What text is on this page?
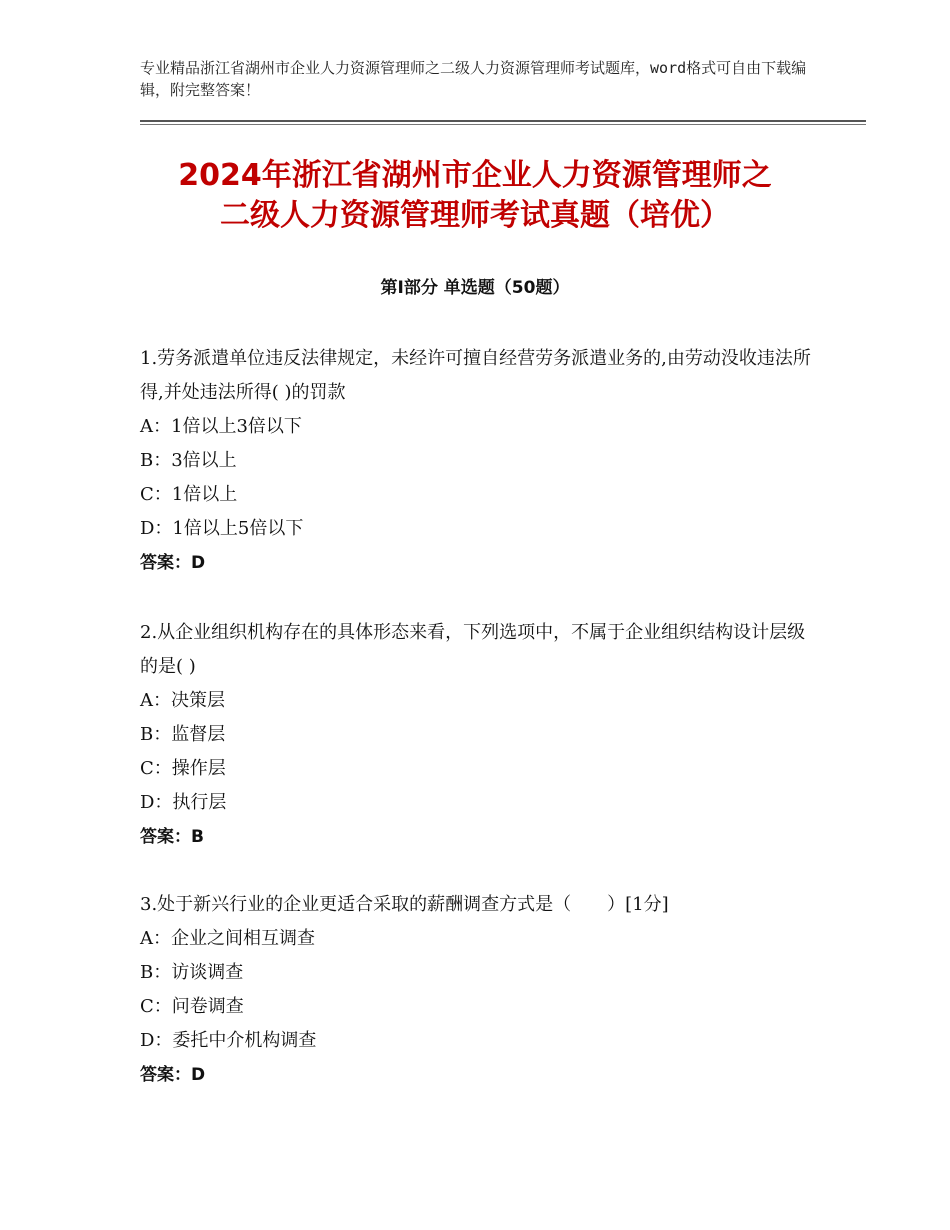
专业精品浙江省湖州市企业人力资源管理师之二级人力资源管理师考试题库，word格式可自由下载编辑，附完整答案！
2024年浙江省湖州市企业人力资源管理师之
二级人力资源管理师考试真题（培优）
第Ⅰ部分 单选题（50题）

1.劳务派遣单位违反法律规定，未经许可擅自经营劳务派遣业务的,由劳动没收违法所得,并处违法所得( )的罚款

A：1倍以上3倍以下

B：3倍以上

C：1倍以上

D：1倍以上5倍以下

答案：D

2.从企业组织机构存在的具体形态来看，下列选项中，不属于企业组织结构设计层级的是( )

A：决策层

B：监督层

C：操作层

D：执行层

答案：B

3.处于新兴行业的企业更适合采取的薪酬调查方式是（　　）[1分]

A：企业之间相互调查

B：访谈调查

C：问卷调查

D：委托中介机构调查

答案：D
